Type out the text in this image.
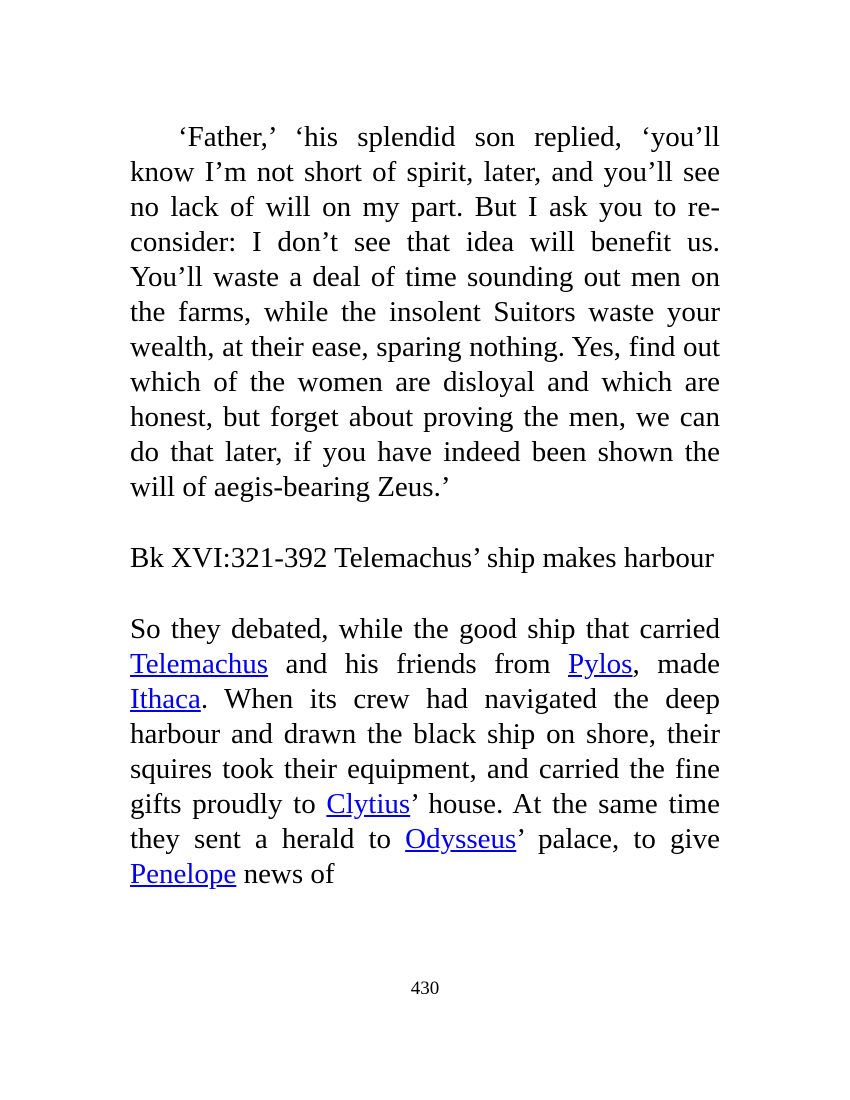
‘Father,’ ‘his splendid son replied, ‘you’ll know I’m not short of spirit, later, and you’ll see no lack of will on my part. But I ask you to re-consider: I don’t see that idea will benefit us. You’ll waste a deal of time sounding out men on the farms, while the insolent Suitors waste your wealth, at their ease, sparing nothing. Yes, find out which of the women are disloyal and which are honest, but forget about proving the men, we can do that later, if you have indeed been shown the will of aegis-bearing Zeus.’

Bk XVI:321-392 Telemachus’ ship makes harbour

So they debated, while the good ship that carried Telemachus and his friends from Pylos, made Ithaca. When its crew had navigated the deep harbour and drawn the black ship on shore, their squires took their equipment, and carried the fine gifts proudly to Clytius’ house. At the same time they sent a herald to Odysseus’ palace, to give Penelope news of

430
